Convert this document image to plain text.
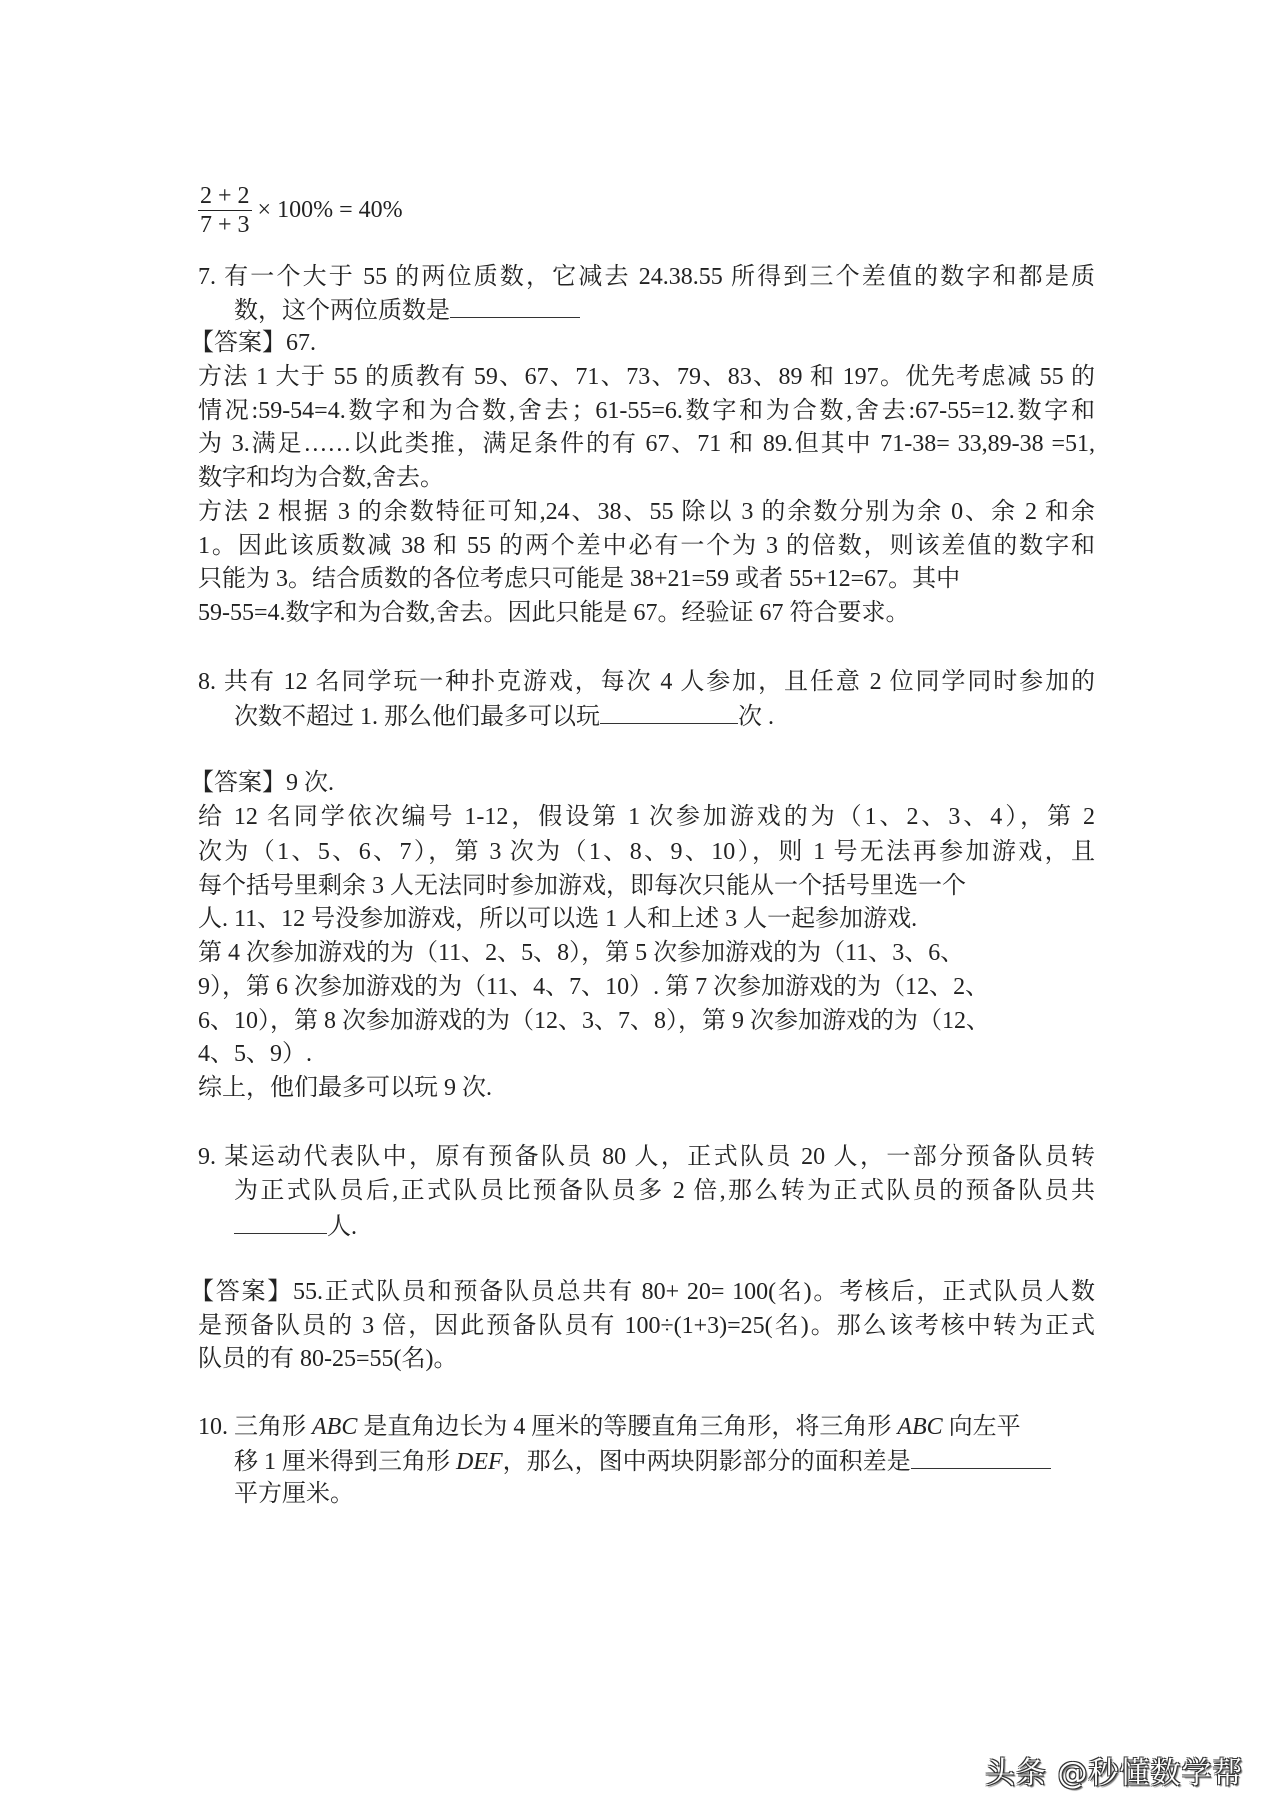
$\frac{2 + 2}{7 + 3} \times 100\% = 40\%$
7. 有一个大于 55 的两位质数，它减去 24.38.55 所得到三个差值的数字和都是质
数，这个两位质数是
【答案】67.
方法 1 大于 55 的质教有 59、67、71、73、79、83、89 和 197。优先考虑减 55 的
情况:59-54=4.数字和为合数,舍去；61-55=6.数字和为合数,舍去:67-55=12.数字和
为 3.满足……以此类推，满足条件的有 67、71 和 89.但其中 71-38= 33,89-38 =51,
数字和均为合数,舍去。
方法 2 根据 3 的余数特征可知,24、38、55 除以 3 的余数分别为余 0、余 2 和余
1。因此该质数减 38 和 55 的两个差中必有一个为 3 的倍数，则该差值的数字和
只能为 3。结合质数的各位考虑只可能是 38+21=59 或者 55+12=67。其中
59-55=4.数字和为合数,舍去。因此只能是 67。经验证 67 符合要求。
8. 共有 12 名同学玩一种扑克游戏，每次 4 人参加，且任意 2 位同学同时参加的
次数不超过 1. 那么他们最多可以玩	次 .
【答案】9 次.
给 12 名同学依次编号 1-12，假设第 1 次参加游戏的为（1、2、3、4），第 2
次为（1、5、6、7），第 3 次为（1、8、9、10），则 1 号无法再参加游戏，且
每个括号里剩余 3 人无法同时参加游戏，即每次只能从一个括号里选一个
人. 11、12 号没参加游戏，所以可以选 1 人和上述 3 人一起参加游戏.
第 4 次参加游戏的为（11、2、5、8），第 5 次参加游戏的为（11、3、6、
9），第 6 次参加游戏的为（11、4、7、10）. 第 7 次参加游戏的为（12、2、
6、10），第 8 次参加游戏的为（12、3、7、8），第 9 次参加游戏的为（12、
4、5、9）.
综上，他们最多可以玩 9 次.
9. 某运动代表队中，原有预备队员 80 人，正式队员 20 人，一部分预备队员转
为正式队员后,正式队员比预备队员多 2 倍,那么转为正式队员的预备队员共
人.
【答案】55.正式队员和预备队员总共有 80+ 20= 100(名)。考核后，正式队员人数
是预备队员的 3 倍，因此预备队员有 100÷(1+3)=25(名)。那么该考核中转为正式
队员的有 80-25=55(名)。
10. 三角形 ABC 是直角边长为 4 厘米的等腰直角三角形，将三角形 ABC 向左平
移 1 厘米得到三角形 DEF，那么，图中两块阴影部分的面积差是
平方厘米。
头条 @秒懂数学帮
